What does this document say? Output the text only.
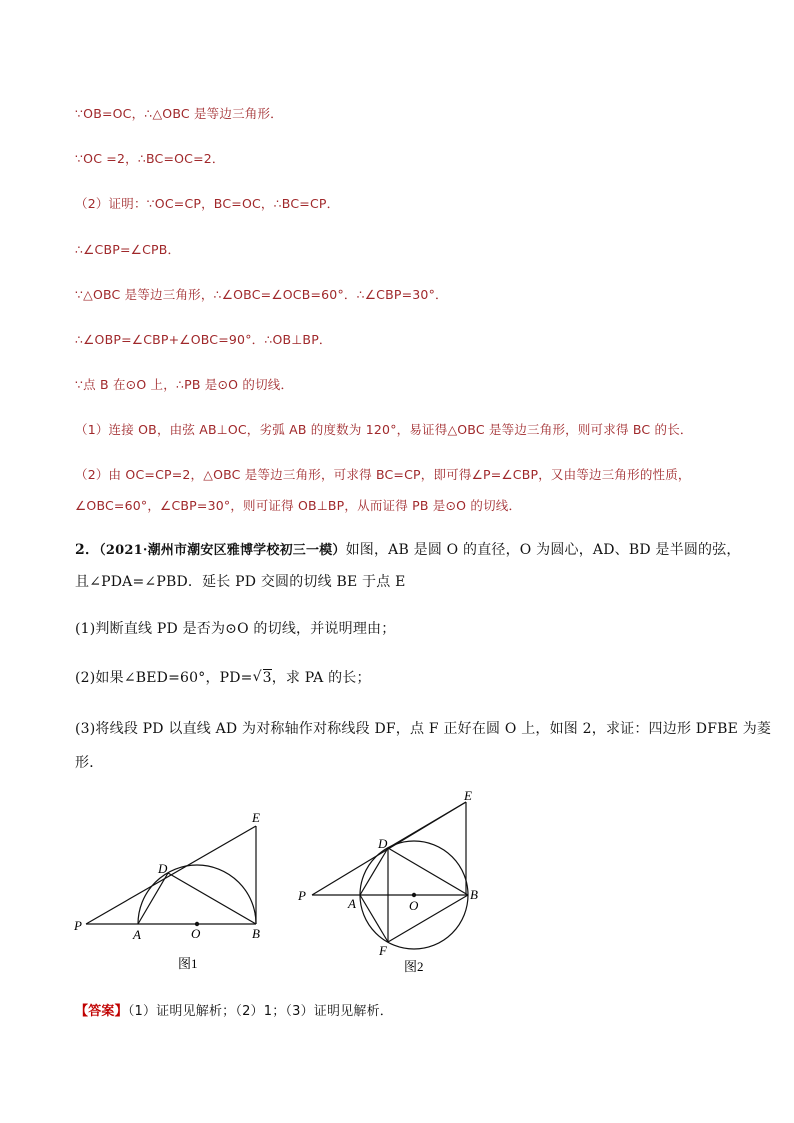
∵OB=OC，∴△OBC 是等边三角形．
∵OC =2，∴BC=OC=2．
（2）证明：∵OC=CP，BC=OC，∴BC=CP．
∴∠CBP=∠CPB．
∵△OBC 是等边三角形，∴∠OBC=∠OCB=60°．∴∠CBP=30°．
∴∠OBP=∠CBP+∠OBC=90°．∴OB⊥BP．
∵点 B 在⊙O 上，∴PB 是⊙O 的切线．
（1）连接 OB，由弦 AB⊥OC，劣弧 AB 的度数为 120°，易证得△OBC 是等边三角形，则可求得 BC 的长．
（2）由 OC=CP=2，△OBC 是等边三角形，可求得 BC=CP，即可得∠P=∠CBP，又由等边三角形的性质，
∠OBC=60°，∠CBP=30°，则可证得 OB⊥BP，从而证得 PB 是⊙O 的切线．
2．（2021·潮州市潮安区雅博学校初三一模）如图，AB 是圆 O 的直径，O 为圆心，AD、BD 是半圆的弦，
且∠PDA=∠PBD．延长 PD 交圆的切线 BE 于点 E
(1)判断直线 PD 是否为⊙O 的切线，并说明理由；
(2)如果∠BED=60°，PD=√ 3，求 PA 的长；
(3)将线段 PD 以直线 AD 为对称轴作对称线段 DF，点 F 正好在圆 O 上，如图 2，求证：四边形 DFBE 为菱
形．
P
A	O	B
D
E
图1
P
A	O
B
D
E
F
图2
【答案】（1）证明见解析；（2）1；（3）证明见解析．
